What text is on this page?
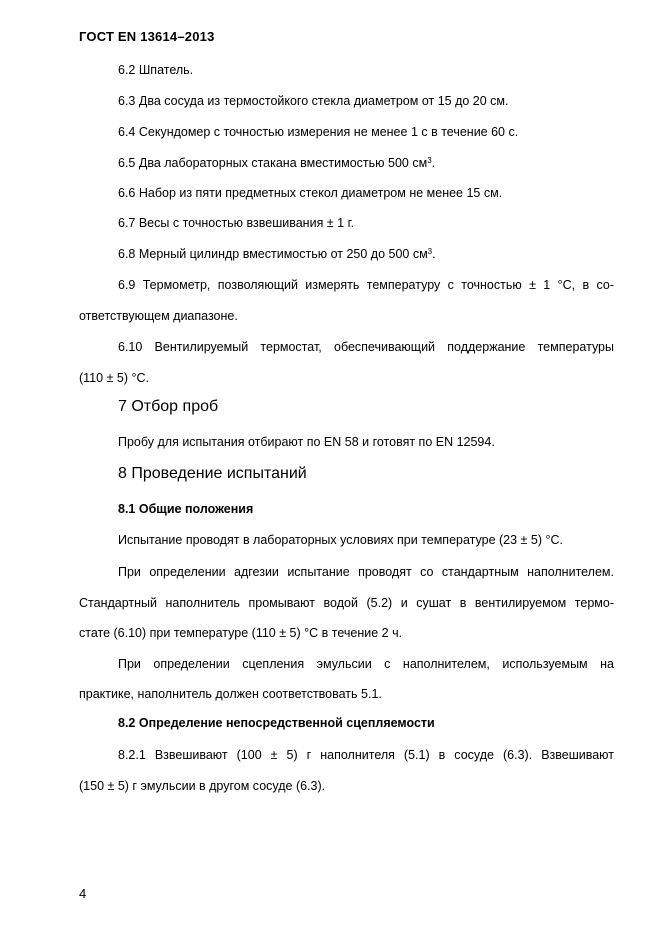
ГОСТ EN 13614–2013
6.2 Шпатель.
6.3 Два сосуда из термостойкого стекла диаметром от 15 до 20 см.
6.4 Секундомер с точностью измерения не менее 1 с в течение 60 с.
6.5 Два лабораторных стакана вместимостью 500 $см^3$.
6.6 Набор из пяти предметных стекол диаметром не менее 15 см.
6.7 Весы с точностью взвешивания ± 1 г.
6.8 Мерный цилиндр вместимостью от 250 до 500 $см^3$.
6.9 Термометр, позволяющий измерять температуру с точностью ± 1 °С, в со-
ответствующем диапазоне.
6.10 Вентилируемый термостат, обеспечивающий поддержание температуры
(110 ± 5) °С.
7 Отбор проб
Пробу для испытания отбирают по EN 58 и готовят по EN 12594.
8 Проведение испытаний
8.1 Общие положения
Испытание проводят в лабораторных условиях при температуре (23 ± 5) °С.
При определении адгезии испытание проводят со стандартным наполнителем.
Стандартный наполнитель промывают водой (5.2) и сушат в вентилируемом термо-
стате (6.10) при температуре (110 ± 5) °С в течение 2 ч.
При определении сцепления эмульсии с наполнителем, используемым на
практике, наполнитель должен соответствовать 5.1.
8.2 Определение непосредственной сцепляемости
8.2.1 Взвешивают (100 ± 5) г наполнителя (5.1) в сосуде (6.3). Взвешивают
(150 ± 5) г эмульсии в другом сосуде (6.3).
4
